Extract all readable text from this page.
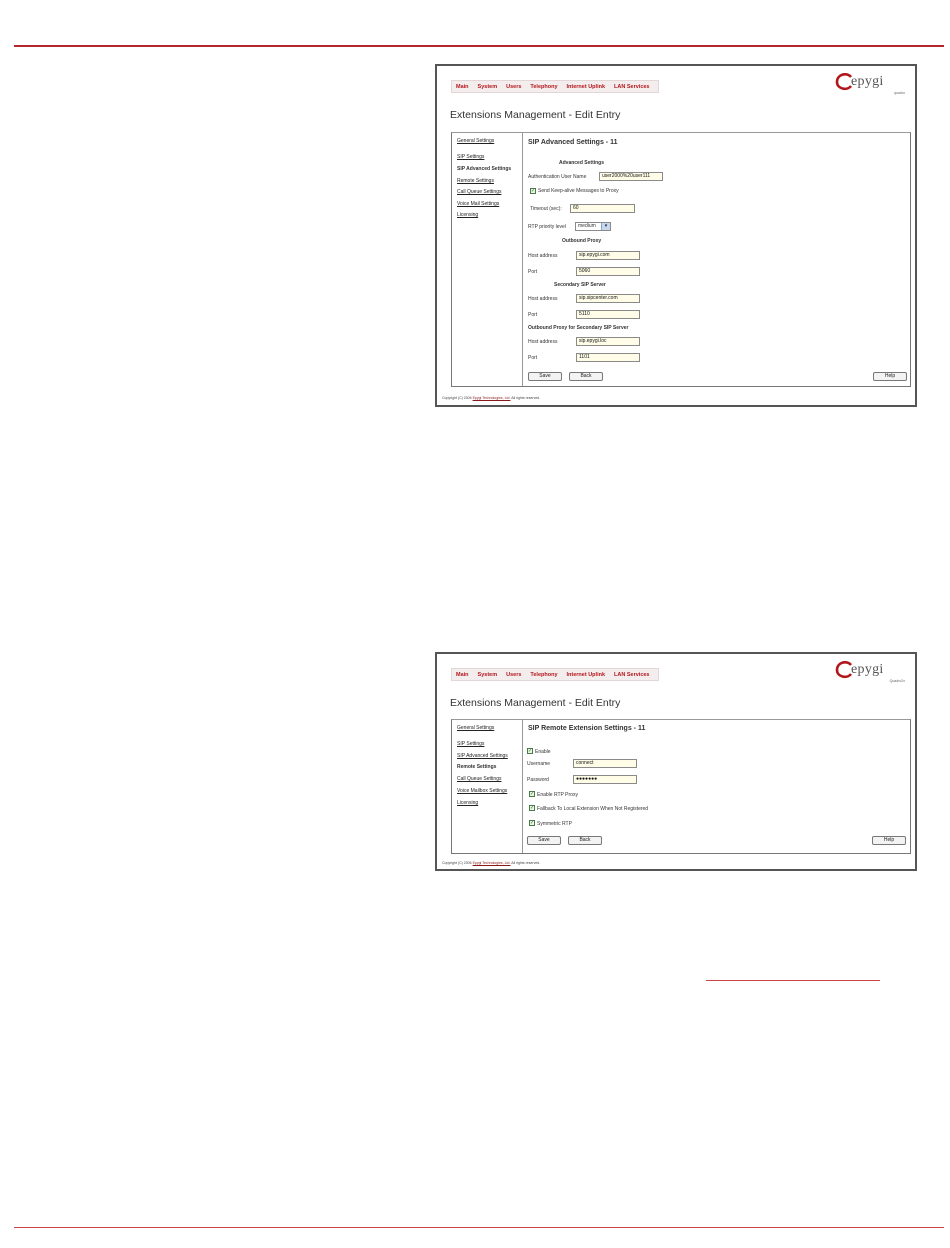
Main System Users Telephony Internet Uplink LAN Services	epygi
quadro
Extensions Management - Edit Entry
General Settings
SIP Settings
SIP Advanced Settings
Remote Settings
Call Queue Settings
Voice Mail Settings
Licensing
SIP Advanced Settings - 11
Advanced Settings
Authentication User Name	user2000%20user111
✓ Send Keep-alive Messages to Proxy
Timeout (sec):	60
RTP priority level	medium	▾
Outbound Proxy
Host address	sip.epygi.com
Port	5060
Secondary SIP Server
Host address	sip.sipcenter.com
Port	5110
Outbound Proxy for Secondary SIP Server
Host address	sip.epygi.loc
Port	1101
Save	Back	Help
Copyright (C) 2006 Epygi Technologies, Ltd. All rights reserved.
Main System Users Telephony Internet Uplink LAN Services	epygi
Quadro2x
Extensions Management - Edit Entry
General Settings
SIP Settings
SIP Advanced Settings
Remote Settings
Call Queue Settings
Voice Mailbox Settings
Licensing
SIP Remote Extension Settings - 11
✓ Enable
Username	connect
Password	●●●●●●●
✓ Enable RTP Proxy
✓ Fallback To Local Extension When Not Registered
✓ Symmetric RTP
Save	Back	Help
Copyright (C) 2006 Epygi Technologies, Ltd. All rights reserved.
